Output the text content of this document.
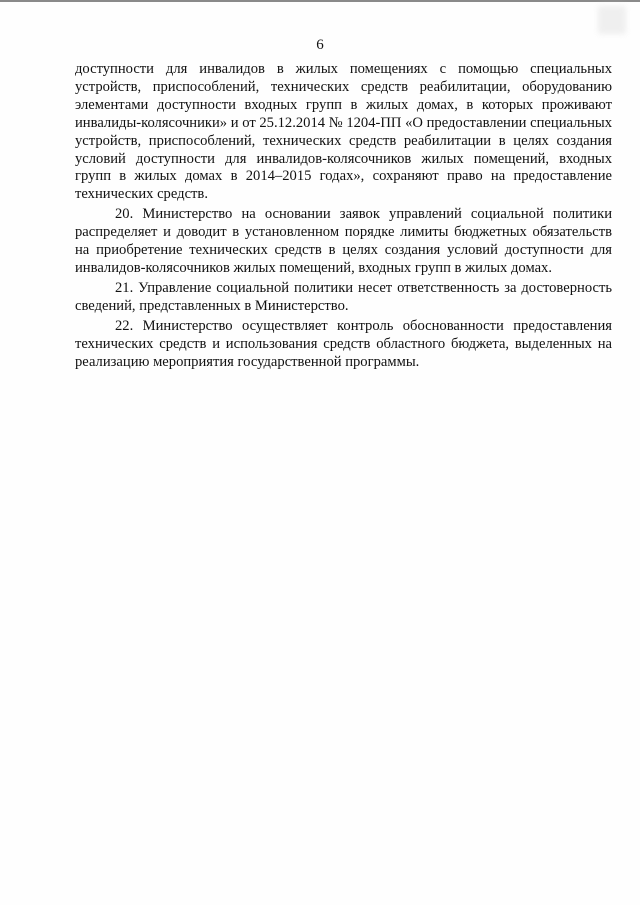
6

доступности для инвалидов в жилых помещениях с помощью специальных устройств, приспособлений, технических средств реабилитации, оборудованию элементами доступности входных групп в жилых домах, в которых проживают инвалиды-колясочники» и от 25.12.2014 № 1204-ПП «О предоставлении специальных устройств, приспособлений, технических средств реабилитации в целях создания условий доступности для инвалидов-колясочников жилых помещений, входных групп в жилых домах в 2014–2015 годах», сохраняют право на предоставление технических средств.

20. Министерство на основании заявок управлений социальной политики распределяет и доводит в установленном порядке лимиты бюджетных обязательств на приобретение технических средств в целях создания условий доступности для инвалидов-колясочников жилых помещений, входных групп в жилых домах.

21. Управление социальной политики несет ответственность за достоверность сведений, представленных в Министерство.

22. Министерство осуществляет контроль обоснованности предоставления технических средств и использования средств областного бюджета, выделенных на реализацию мероприятия государственной программы.
